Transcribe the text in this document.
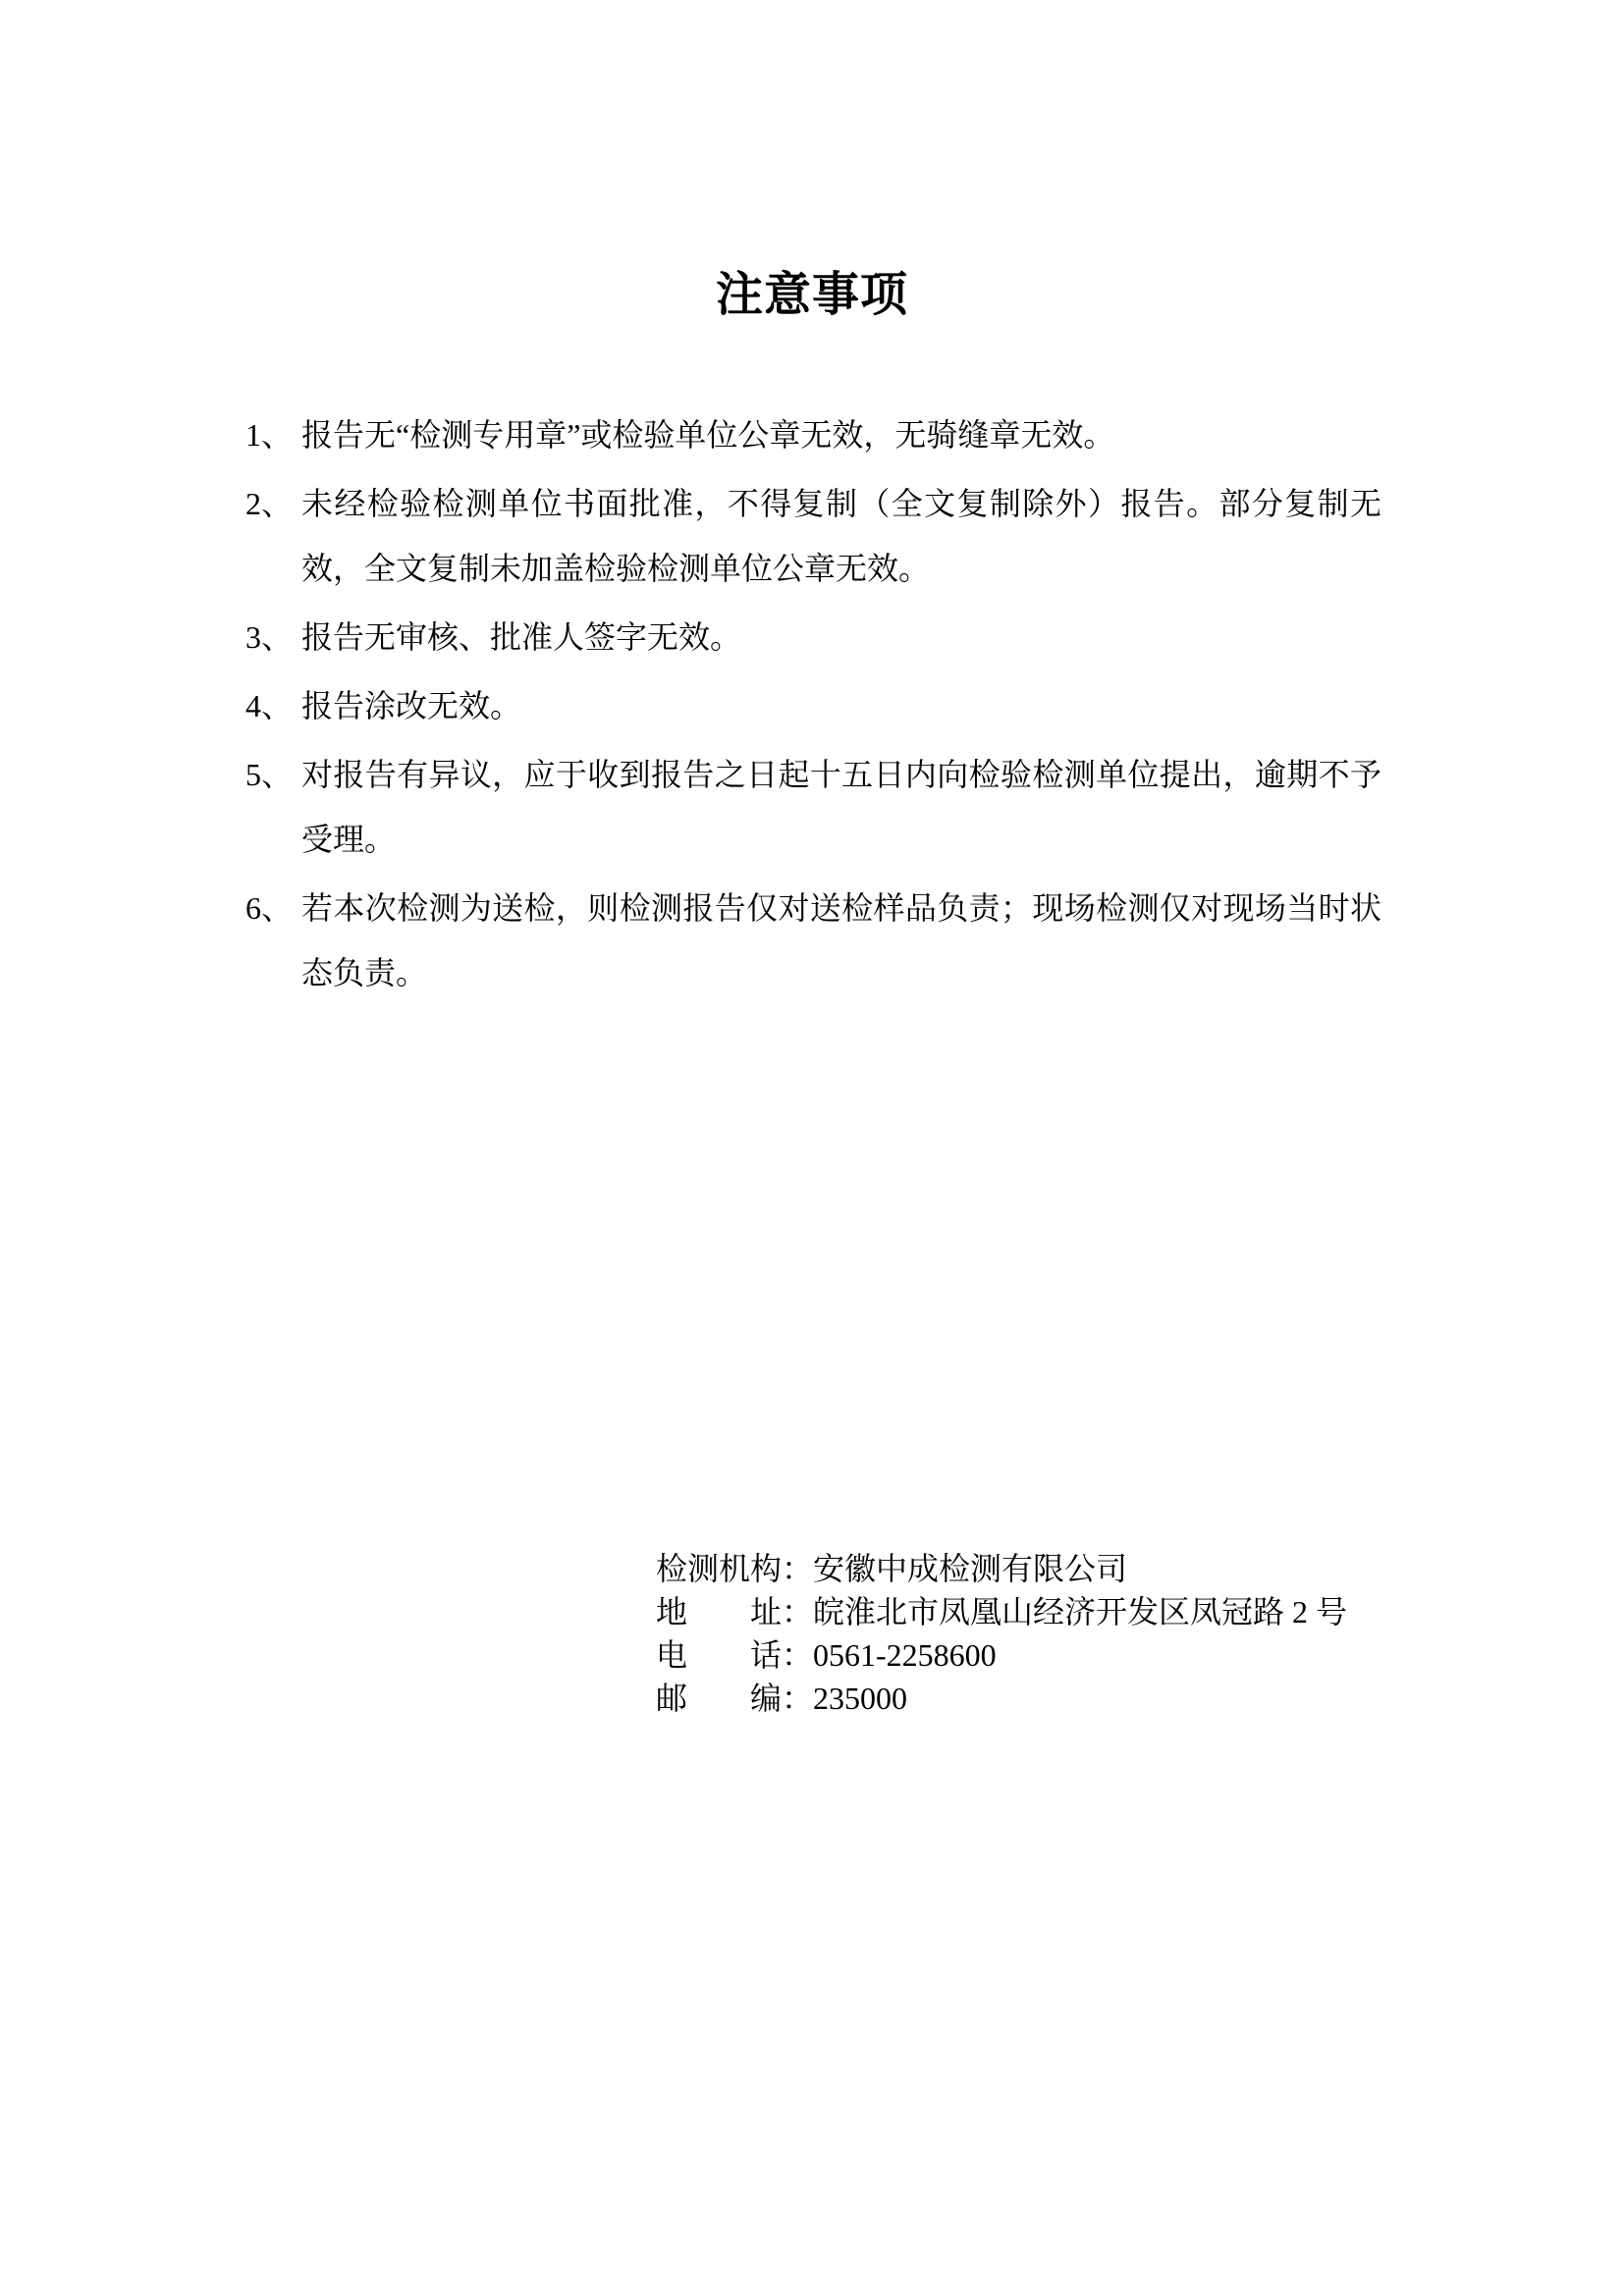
注意事项
1、 报告无“检测专用章”或检验单位公章无效，无骑缝章无效。
2、 未经检验检测单位书面批准，不得复制（全文复制除外）报告。部分复制无效，全文复制未加盖检验检测单位公章无效。
3、 报告无审核、批准人签字无效。
4、 报告涂改无效。
5、 对报告有异议，应于收到报告之日起十五日内向检验检测单位提出，逾期不予受理。
6、 若本次检测为送检，则检测报告仅对送检样品负责；现场检测仅对现场当时状态负责。
检测机构： 安徽中成检测有限公司
地　　址： 皖淮北市凤凰山经济开发区凤冠路 2 号
电　　话： 0561-2258600
邮　　编： 235000
